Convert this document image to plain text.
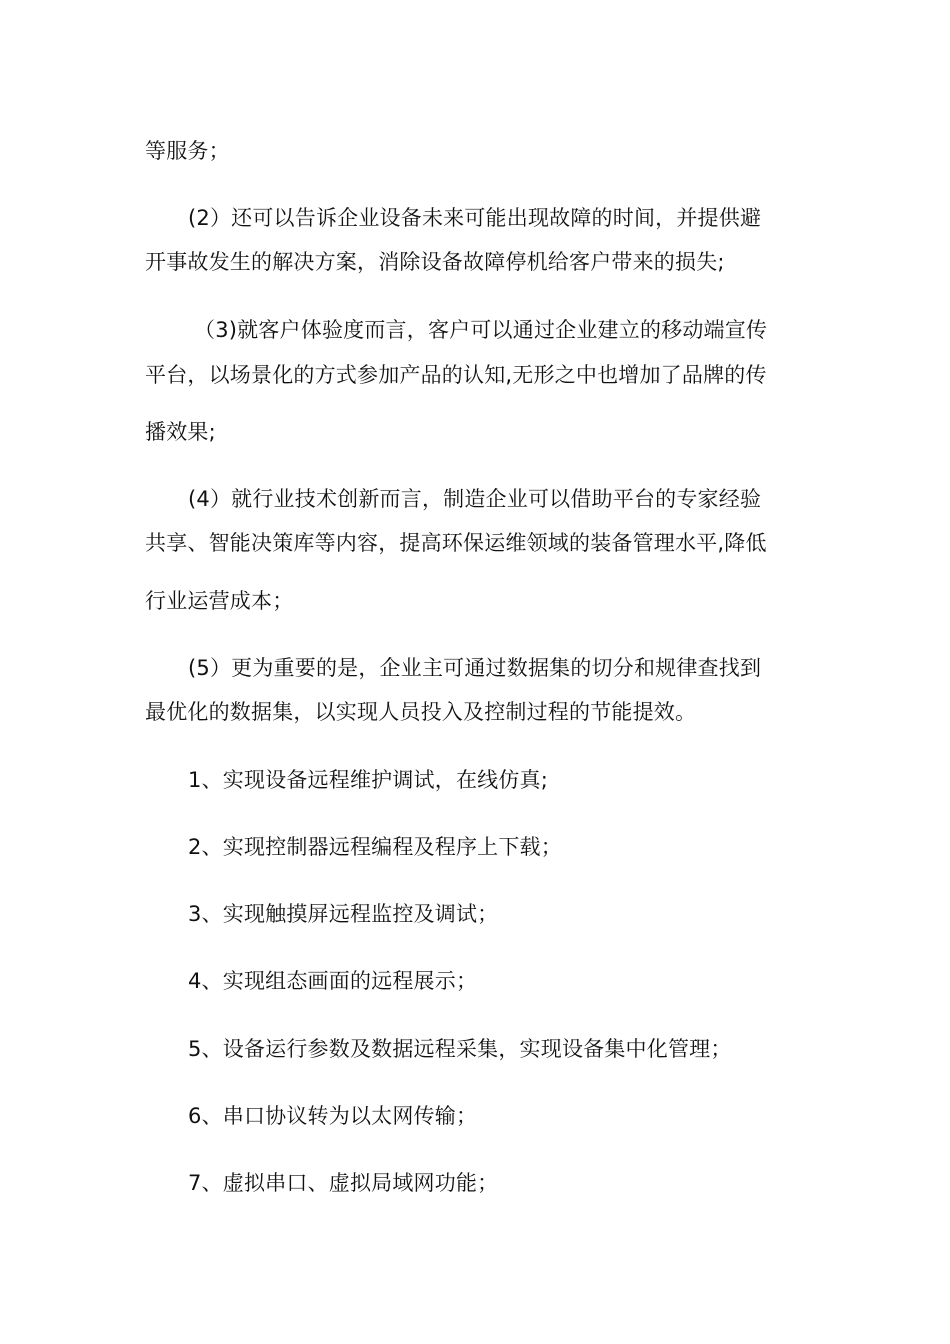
等服务；
(2）还可以告诉企业设备未来可能出现故障的时间，并提供避
开事故发生的解决方案，消除设备故障停机给客户带来的损失;
（3)就客户体验度而言，客户可以通过企业建立的移动端宣传
平台，以场景化的方式参加产品的认知,无形之中也增加了品牌的传
播效果;
(4）就行业技术创新而言，制造企业可以借助平台的专家经验
共享、智能决策库等内容，提高环保运维领域的装备管理水平,降低
行业运营成本；
(5）更为重要的是，企业主可通过数据集的切分和规律查找到
最优化的数据集，以实现人员投入及控制过程的节能提效。
1、实现设备远程维护调试，在线仿真;
2、实现控制器远程编程及程序上下载；
3、实现触摸屏远程监控及调试；
4、实现组态画面的远程展示；
5、设备运行参数及数据远程采集，实现设备集中化管理；
6、串口协议转为以太网传输；
7、虚拟串口、虚拟局域网功能；
